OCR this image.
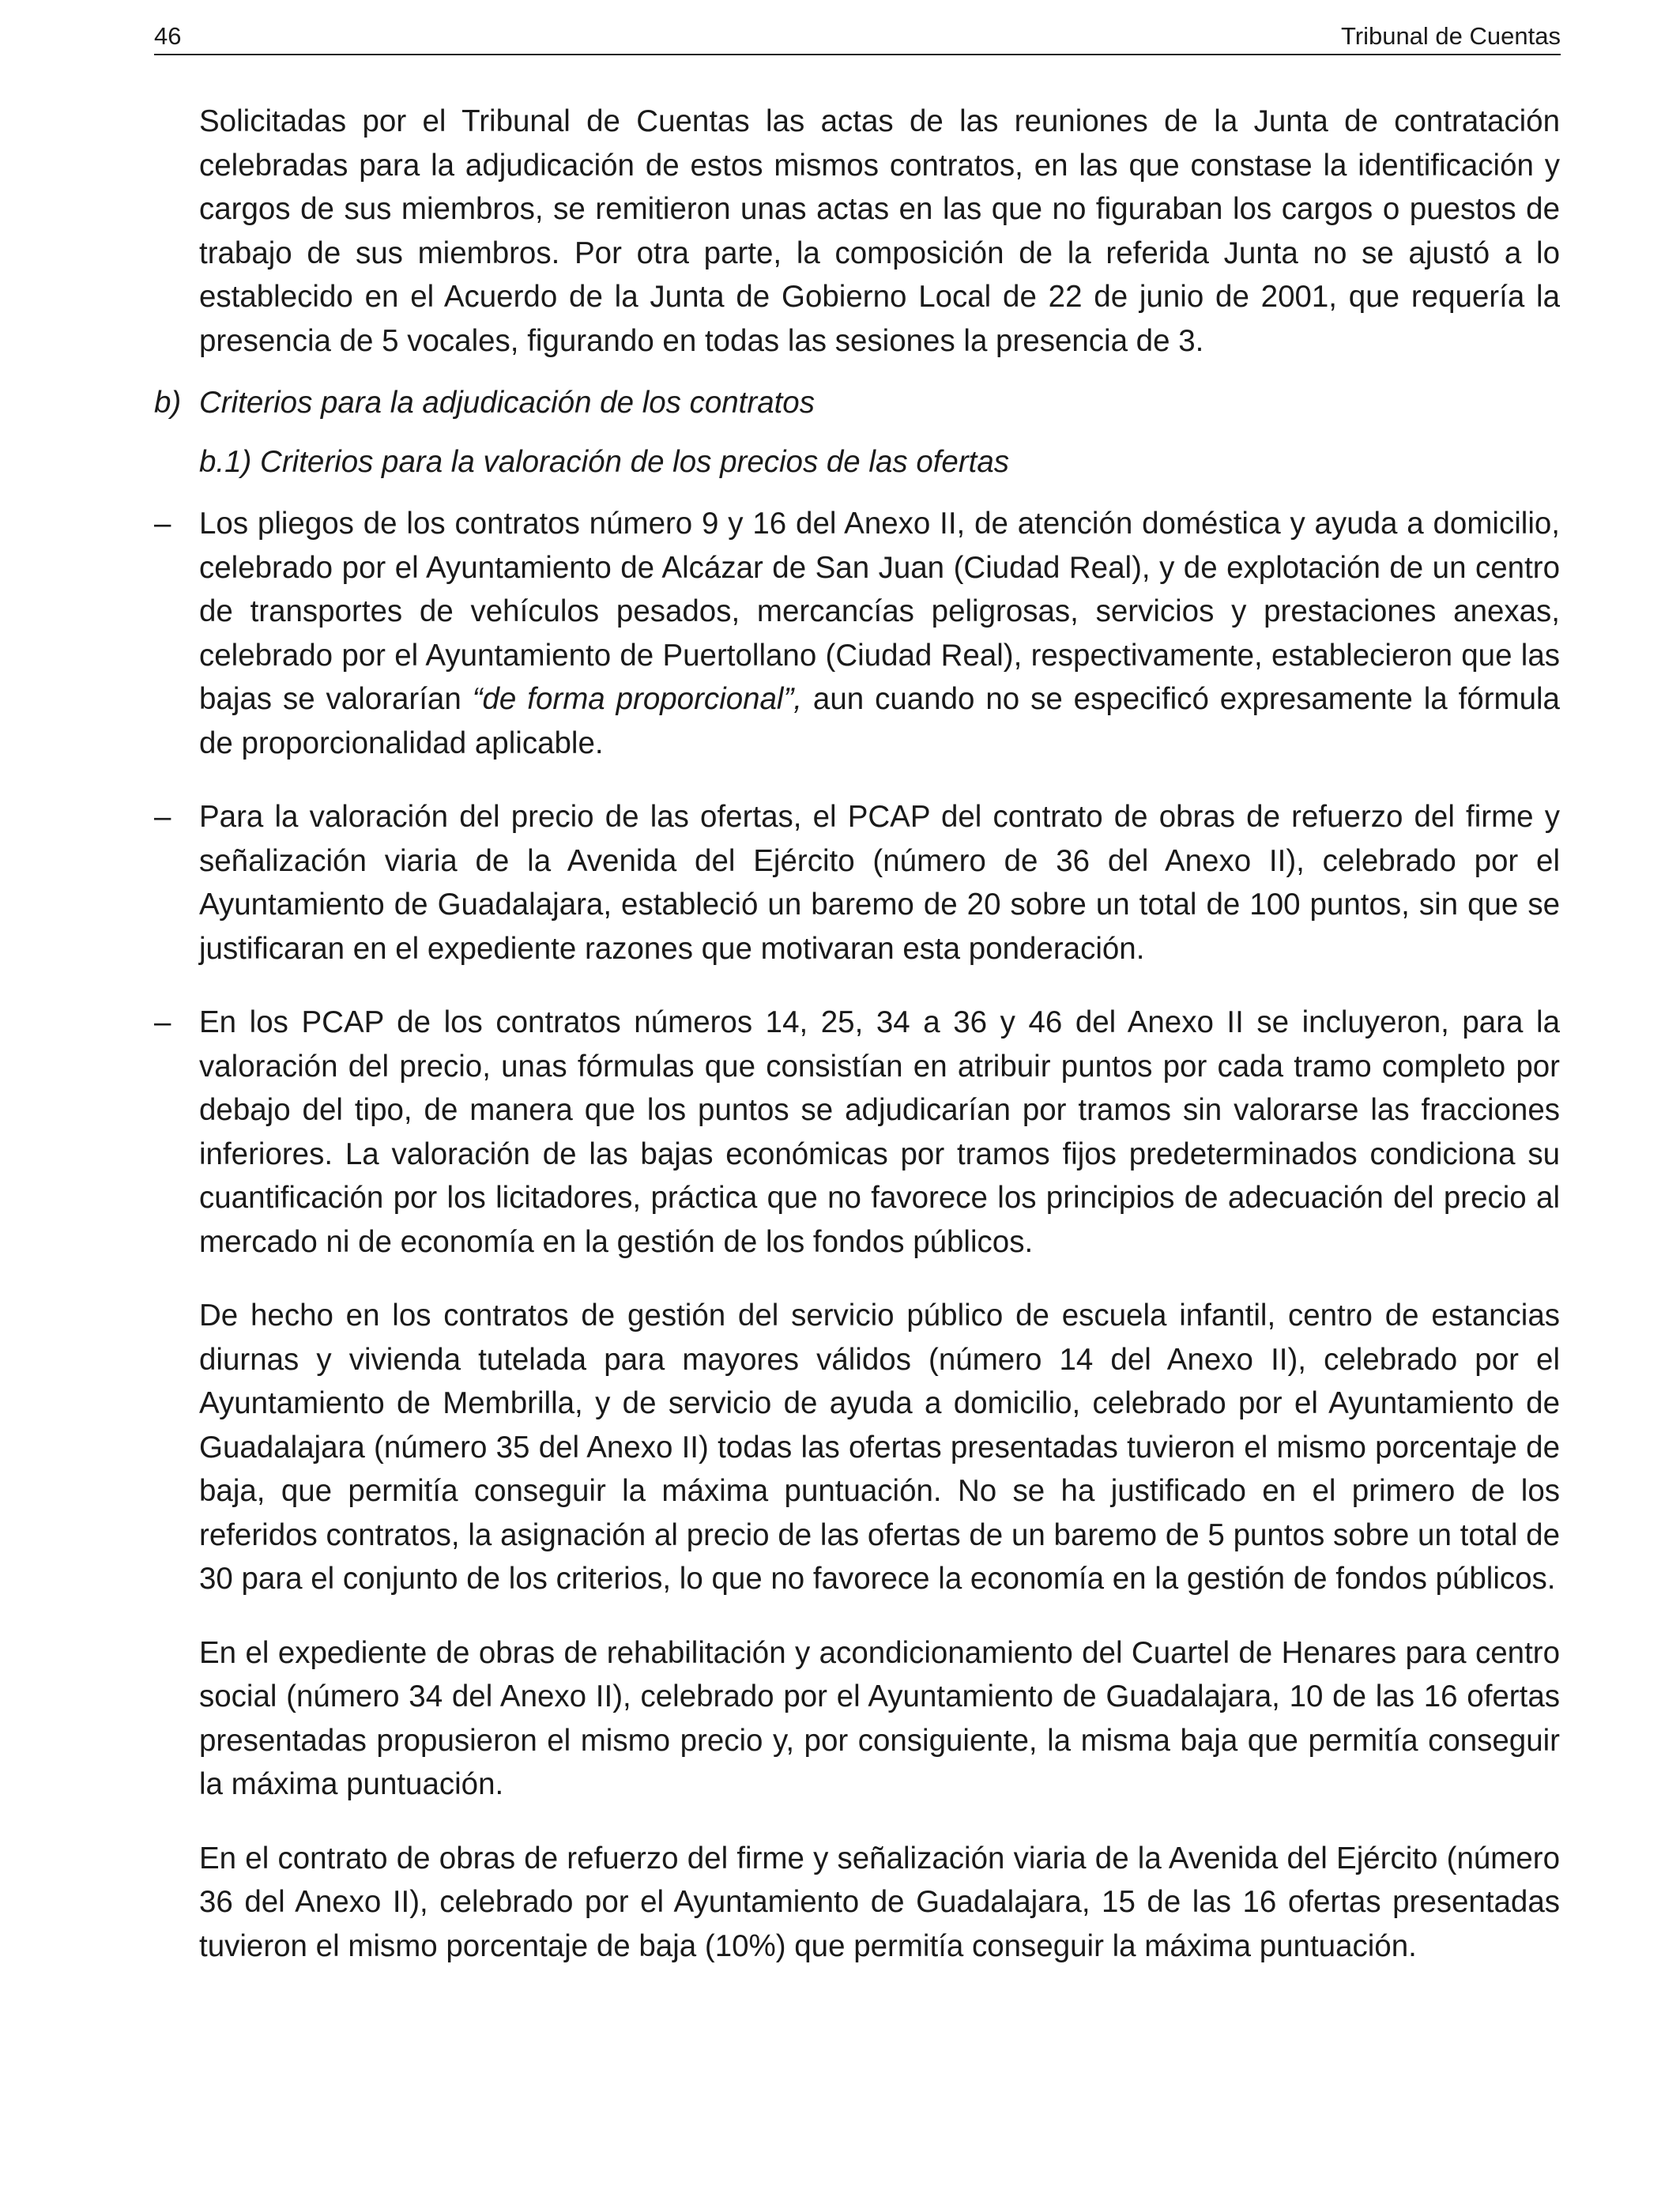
46	Tribunal de Cuentas

Solicitadas por el Tribunal de Cuentas las actas de las reuniones de la Junta de contratación celebradas para la adjudicación de estos mismos contratos, en las que constase la identificación y cargos de sus miembros, se remitieron unas actas en las que no figuraban los cargos o puestos de trabajo de sus miembros. Por otra parte, la composición de la referida Junta no se ajustó a lo establecido en el Acuerdo de la Junta de Gobierno Local de 22 de junio de 2001, que requería la presencia de 5 vocales, figurando en todas las sesiones la presencia de 3.

b) Criterios para la adjudicación de los contratos

b.1) Criterios para la valoración de los precios de las ofertas

– Los pliegos de los contratos número 9 y 16 del Anexo II, de atención doméstica y ayuda a domicilio, celebrado por el Ayuntamiento de Alcázar de San Juan (Ciudad Real), y de explotación de un centro de transportes de vehículos pesados, mercancías peligrosas, servicios y prestaciones anexas, celebrado por el Ayuntamiento de Puertollano (Ciudad Real), respectivamente, establecieron que las bajas se valorarían “de forma proporcional”, aun cuando no se especificó expresamente la fórmula de proporcionalidad aplicable.

– Para la valoración del precio de las ofertas, el PCAP del contrato de obras de refuerzo del firme y señalización viaria de la Avenida del Ejército (número de 36 del Anexo II), celebrado por el Ayuntamiento de Guadalajara, estableció un baremo de 20 sobre un total de 100 puntos, sin que se justificaran en el expediente razones que motivaran esta ponderación.

– En los PCAP de los contratos números 14, 25, 34 a 36 y 46 del Anexo II se incluyeron, para la valoración del precio, unas fórmulas que consistían en atribuir puntos por cada tramo completo por debajo del tipo, de manera que los puntos se adjudicarían por tramos sin valorarse las fracciones inferiores. La valoración de las bajas económicas por tramos fijos predeterminados condiciona su cuantificación por los licitadores, práctica que no favorece los principios de adecuación del precio al mercado ni de economía en la gestión de los fondos públicos.

De hecho en los contratos de gestión del servicio público de escuela infantil, centro de estancias diurnas y vivienda tutelada para mayores válidos (número 14 del Anexo II), celebrado por el Ayuntamiento de Membrilla, y de servicio de ayuda a domicilio, celebrado por el Ayuntamiento de Guadalajara (número 35 del Anexo II) todas las ofertas presentadas tuvieron el mismo porcentaje de baja, que permitía conseguir la máxima puntuación. No se ha justificado en el primero de los referidos contratos, la asignación al precio de las ofertas de un baremo de 5 puntos sobre un total de 30 para el conjunto de los criterios, lo que no favorece la economía en la gestión de fondos públicos.

En el expediente de obras de rehabilitación y acondicionamiento del Cuartel de Henares para centro social (número 34 del Anexo II), celebrado por el Ayuntamiento de Guadalajara, 10 de las 16 ofertas presentadas propusieron el mismo precio y, por consiguiente, la misma baja que permitía conseguir la máxima puntuación.

En el contrato de obras de refuerzo del firme y señalización viaria de la Avenida del Ejército (número 36 del Anexo II), celebrado por el Ayuntamiento de Guadalajara, 15 de las 16 ofertas presentadas tuvieron el mismo porcentaje de baja (10%) que permitía conseguir la máxima puntuación.
